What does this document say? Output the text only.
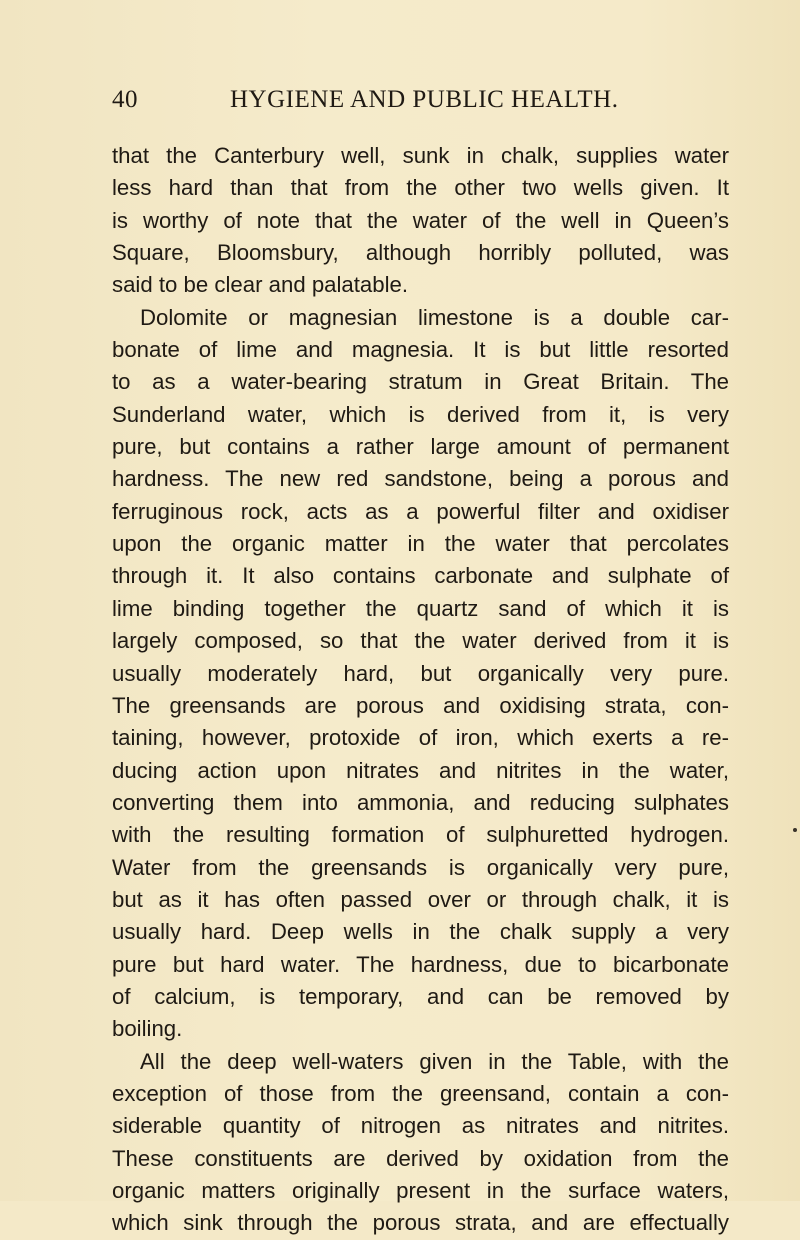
40	HYGIENE AND PUBLIC HEALTH.
that the Canterbury well, sunk in chalk, supplies water
less hard than that from the other two wells given. It
is worthy of note that the water of the well in Queen’s
Square, Bloomsbury, although horribly polluted, was
said to be clear and palatable.
Dolomite or magnesian limestone is a double car-
bonate of lime and magnesia. It is but little resorted
to as a water-bearing stratum in Great Britain. The
Sunderland water, which is derived from it, is very
pure, but contains a rather large amount of permanent
hardness. The new red sandstone, being a porous and
ferruginous rock, acts as a powerful filter and oxidiser
upon the organic matter in the water that percolates
through it. It also contains carbonate and sulphate of
lime binding together the quartz sand of which it is
largely composed, so that the water derived from it is
usually moderately hard, but organically very pure.
The greensands are porous and oxidising strata, con-
taining, however, protoxide of iron, which exerts a re-
ducing action upon nitrates and nitrites in the water,
converting them into ammonia, and reducing sulphates
with the resulting formation of sulphuretted hydrogen.
Water from the greensands is organically very pure,
but as it has often passed over or through chalk, it is
usually hard. Deep wells in the chalk supply a very
pure but hard water. The hardness, due to bicarbonate
of calcium, is temporary, and can be removed by
boiling.
All the deep well-waters given in the Table, with the
exception of those from the greensand, contain a con-
siderable quantity of nitrogen as nitrates and nitrites.
These constituents are derived by oxidation from the
organic matters originally present in the surface waters,
which sink through the porous strata, and are effectually
